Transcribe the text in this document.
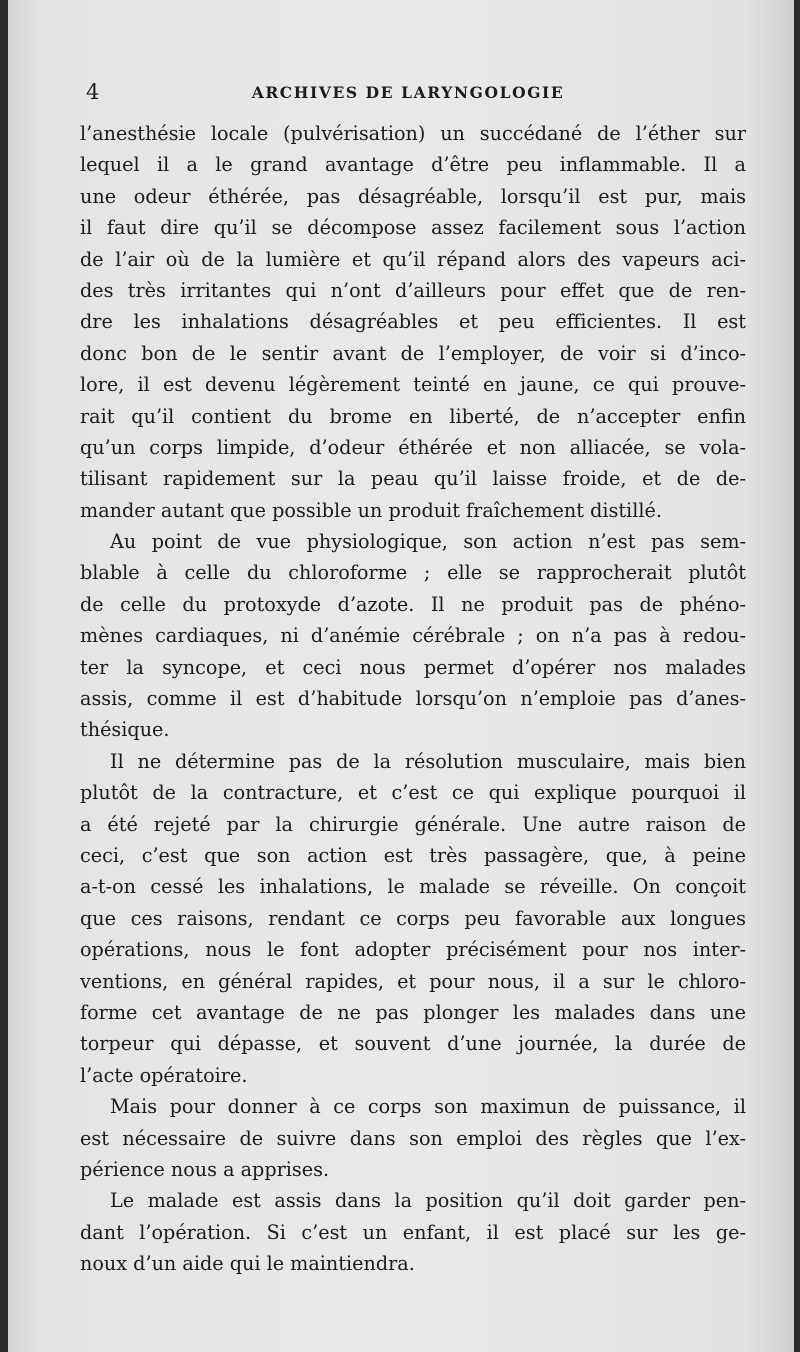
4	ARCHIVES DE LARYNGOLOGIE
l’anesthésie locale (pulvérisation) un succédané de l’éther sur
lequel il a le grand avantage d’être peu inflammable. Il a
une odeur éthérée, pas désagréable, lorsqu’il est pur, mais
il faut dire qu’il se décompose assez facilement sous l’action
de l’air où de la lumière et qu’il répand alors des vapeurs aci-
des très irritantes qui n’ont d’ailleurs pour effet que de ren-
dre les inhalations désagréables et peu efficientes. Il est
donc bon de le sentir avant de l’employer, de voir si d’inco-
lore, il est devenu légèrement teinté en jaune, ce qui prouve-
rait qu’il contient du brome en liberté, de n’accepter enfin
qu’un corps limpide, d’odeur éthérée et non alliacée, se vola-
tilisant rapidement sur la peau qu’il laisse froide, et de de-
mander autant que possible un produit fraîchement distillé.
Au point de vue physiologique, son action n’est pas sem-
blable à celle du chloroforme ; elle se rapprocherait plutôt
de celle du protoxyde d’azote. Il ne produit pas de phéno-
mènes cardiaques, ni d’anémie cérébrale ; on n’a pas à redou-
ter la syncope, et ceci nous permet d’opérer nos malades
assis, comme il est d’habitude lorsqu’on n’emploie pas d’anes-
thésique.
Il ne détermine pas de la résolution musculaire, mais bien
plutôt de la contracture, et c’est ce qui explique pourquoi il
a été rejeté par la chirurgie générale. Une autre raison de
ceci, c’est que son action est très passagère, que, à peine
a-t-on cessé les inhalations, le malade se réveille. On conçoit
que ces raisons, rendant ce corps peu favorable aux longues
opérations, nous le font adopter précisément pour nos inter-
ventions, en général rapides, et pour nous, il a sur le chloro-
forme cet avantage de ne pas plonger les malades dans une
torpeur qui dépasse, et souvent d’une journée, la durée de
l’acte opératoire.
Mais pour donner à ce corps son maximun de puissance, il
est nécessaire de suivre dans son emploi des règles que l’ex-
périence nous a apprises.
Le malade est assis dans la position qu’il doit garder pen-
dant l’opération. Si c’est un enfant, il est placé sur les ge-
noux d’un aide qui le maintiendra.
